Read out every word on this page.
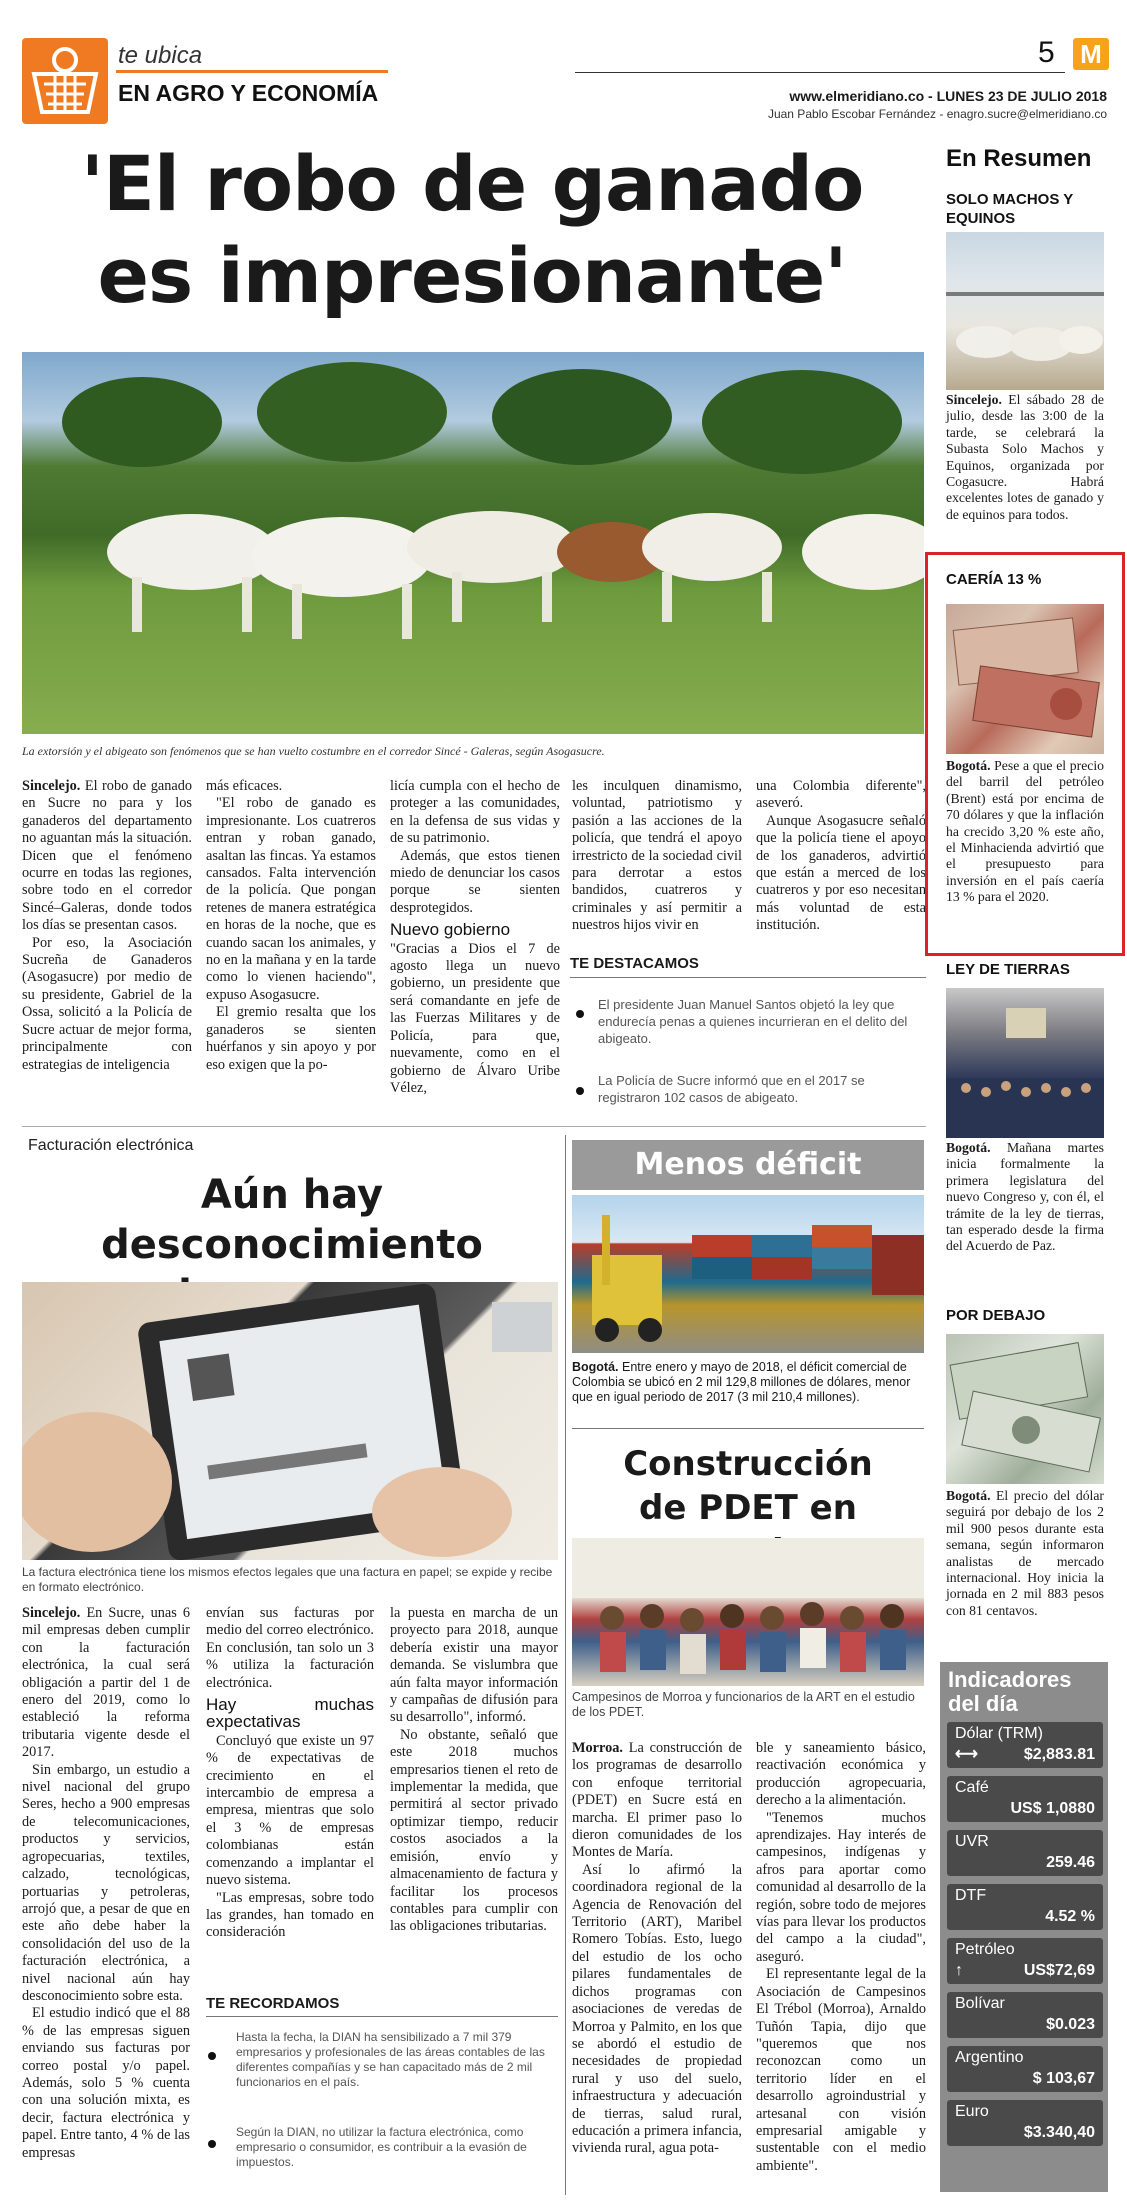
te ubica
EN AGRO Y ECONOMÍA
5 M
www.elmeridiano.co - LUNES 23 DE JULIO 2018
Juan Pablo Escobar Fernández - enagro.sucre@elmeridiano.co
'El robo de ganado
es impresionante'
La extorsión y el abigeato son fenómenos que se han vuelto costumbre en el corredor Sincé - Galeras, según Asogasucre.

Sincelejo. El robo de ganado en Sucre no para y los ganaderos del departamento no aguantan más la situación. Dicen que el fenómeno ocurre en todas las regiones, sobre todo en el corredor Sincé–Galeras, donde todos los días se presentan casos.

Por eso, la Asociación Sucreña de Ganaderos (Asogasucre) por medio de su presidente, Gabriel de la Ossa, solicitó a la Policía de Sucre actuar de mejor forma, principalmente con estrategias de inteligencia

más eficaces.

"El robo de ganado es impresionante. Los cuatreros entran y roban ganado, asaltan las fincas. Ya estamos cansados. Falta intervención de la policía. Que pongan retenes de manera estratégica en horas de la noche, que es cuando sacan los animales, y no en la mañana y en la tarde como lo vienen haciendo", expuso Asogasucre.

El gremio resalta que los ganaderos se sienten huérfanos y sin apoyo y por eso exigen que la po-

licía cumpla con el hecho de proteger a las comunidades, en la defensa de sus vidas y de su patrimonio.

Además, que estos tienen miedo de denunciar los casos porque se sienten desprotegidos.

Nuevo gobierno

"Gracias a Dios el 7 de agosto llega un nuevo gobierno, un presidente que será comandante en jefe de las Fuerzas Militares y de Policía, para que, nuevamente, como en el gobierno de Álvaro Uribe Vélez,

les inculquen dinamismo, voluntad, patriotismo y pasión a las acciones de la policía, que tendrá el apoyo irrestricto de la sociedad civil para derrotar a estos bandidos, cuatreros y criminales y así permitir a nuestros hijos vivir en

una Colombia diferente", aseveró.

Aunque Asogasucre señaló que la policía tiene el apoyo de los ganaderos, advirtió que están a merced de los cuatreros y por eso necesitan más voluntad de esta institución.

TE DESTACAMOS
El presidente Juan Manuel Santos objetó la ley que endurecía penas a quienes incurrieran en el delito del abigeato.
La Policía de Sucre informó que en el 2017 se registraron 102 casos de abigeato.
Facturación electrónica
Aún hay desconocimiento
La factura electrónica tiene los mismos efectos legales que una factura en papel; se expide y recibe en formato electrónico.

Sincelejo. En Sucre, unas 6 mil empresas deben cumplir con la facturación electrónica, la cual será obligación a partir del 1 de enero del 2019, como lo estableció la reforma tributaria vigente desde el 2017.

Sin embargo, un estudio a nivel nacional del grupo Seres, hecho a 900 empresas de telecomunicaciones, productos y servicios, agropecuarias, textiles, calzado, tecnológicas, portuarias y petroleras, arrojó que, a pesar de que en este año debe haber la consolidación del uso de la facturación electrónica, a nivel nacional aún hay desconocimiento sobre esta.

El estudio indicó que el 88 % de las empresas siguen enviando sus facturas por correo postal y/o papel. Además, solo 5 % cuenta con una solución mixta, es decir, factura electrónica y papel. Entre tanto, 4 % de las empresas

envían sus facturas por medio del correo electrónico. En conclusión, tan solo un 3 % utiliza la facturación electrónica.

Hay muchas expectativas

Concluyó que existe un 97 % de expectativas de crecimiento en el intercambio de empresa a empresa, mientras que solo el 3 % de empresas colombianas están comenzando a implantar el nuevo sistema.

"Las empresas, sobre todo las grandes, han tomado en consideración

la puesta en marcha de un proyecto para 2018, aunque debería existir una mayor demanda. Se vislumbra que aún falta mayor información y campañas de difusión para su desarrollo", informó.

No obstante, señaló que este 2018 muchos empresarios tienen el reto de implementar la medida, que permitirá al sector privado optimizar tiempo, reducir costos asociados a la emisión, envío y almacenamiento de factura y facilitar los procesos contables para cumplir con las obligaciones tributarias.

TE RECORDAMOS
Hasta la fecha, la DIAN ha sensibilizado a 7 mil 379 empresarios y profesionales de las áreas contables de las diferentes compañías y se han capacitado más de 2 mil funcionarios en el país.
Según la DIAN, no utilizar la factura electrónica, como empresario o consumidor, es contribuir a la evasión de impuestos.
Menos déficit
Bogotá. Entre enero y mayo de 2018, el déficit comercial de Colombia se ubicó en 2 mil 129,8 millones de dólares, menor que en igual periodo de 2017 (3 mil 210,4 millones).
Construcción
de PDET en
Campesinos de Morroa y funcionarios de la ART en el estudio de los PDET.

Morroa. La construcción de los programas de desarrollo con enfoque territorial (PDET) en Sucre está en marcha. El primer paso lo dieron comunidades de los Montes de María.

Así lo afirmó la coordinadora regional de la Agencia de Renovación del Territorio (ART), Maribel Romero Tobías. Esto, luego del estudio de los ocho pilares fundamentales de dichos programas con asociaciones de veredas de Morroa y Palmito, en los que se abordó el estudio de necesidades de propiedad rural y uso del suelo, infraestructura y adecuación de tierras, salud rural, educación a primera infancia, vivienda rural, agua pota-

ble y saneamiento básico, reactivación económica y producción agropecuaria, derecho a la alimentación.

"Tenemos muchos aprendizajes. Hay interés de campesinos, indígenas y afros para aportar como comunidad al desarrollo de la región, sobre todo de mejores vías para llevar los productos del campo a la ciudad", aseguró.

El representante legal de la Asociación de Campesinos El Trébol (Morroa), Arnaldo Tuñón Tapia, dijo que "queremos que nos reconozcan como un territorio líder en el desarrollo agroindustrial y artesanal con visión empresarial amigable y sustentable con el medio ambiente".

En Resumen
SOLO MACHOS Y EQUINOS
Sincelejo. El sábado 28 de julio, desde las 3:00 de la tarde, se celebrará la Subasta Solo Machos y Equinos, organizada por Cogasucre. Habrá excelentes lotes de ganado y de equinos para todos.
CAERÍA 13 %
Bogotá. Pese a que el precio del barril del petróleo (Brent) está por encima de 70 dólares y que la inflación ha crecido 3,20 % este año, el Minhacienda advirtió que el presupuesto para inversión en el país caería 13 % para el 2020.
LEY DE TIERRAS
Bogotá. Mañana martes inicia formalmente la primera legislatura del nuevo Congreso y, con él, el trámite de la ley de tierras, tan esperado desde la firma del Acuerdo de Paz.
POR DEBAJO
Bogotá. El precio del dólar seguirá por debajo de los 2 mil 900 pesos durante esta semana, según informaron analistas de mercado internacional. Hoy inicia la jornada en 2 mil 883 pesos con 81 centavos.
Indicadores del día
Dólar (TRM)
⟷	$2,883.81
Café
US$ 1,0880
UVR
259.46
DTF
4.52 %
Petróleo
↑	US$72,69
Bolívar
$0.023
Argentino
$ 103,67
Euro
$3.340,40
